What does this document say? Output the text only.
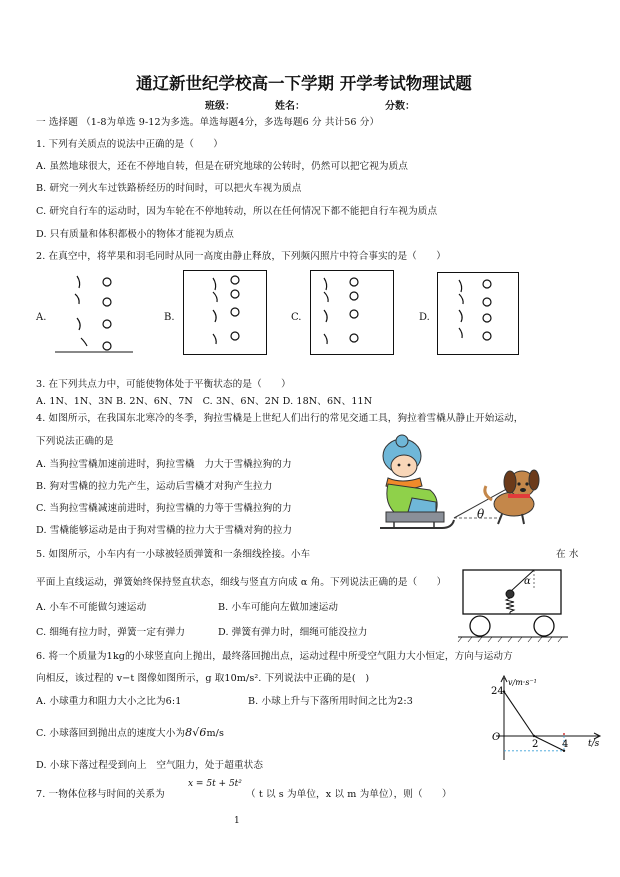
通辽新世纪学校高一下学期 开学考试物理试题
班级：	姓名：	分数：
一 选择题 （1-8为单选 9-12为多选。单选每题4分，多选每题6 分 共计56 分）
1. 下列有关质点的说法中正确的是（　　）
A. 虽然地球很大，还在不停地自转，但是在研究地球的公转时，仍然可以把它视为质点
B. 研究一列火车过铁路桥经历的时间时，可以把火车视为质点
C. 研究自行车的运动时，因为车轮在不停地转动，所以在任何情况下都不能把自行车视为质点
D. 只有质量和体积都极小的物体才能视为质点
2. 在真空中，将苹果和羽毛同时从同一高度由静止释放，下列频闪照片中符合事实的是（　　）
A.	B.	C.	D.
3. 在下列共点力中，可能使物体处于平衡状态的是（　　）
A. 1N、1N、3N B. 2N、6N、7N　C. 3N、6N、2N D. 18N、6N、11N
4. 如图所示，在我国东北寒冷的冬季，狗拉雪橇是上世纪人们出行的常见交通工具，狗拉着雪橇从静止开始运动，
下列说法正确的是
A. 当狗拉雪橇加速前进时，狗拉雪橇　力大于雪橇拉狗的力
B. 狗对雪橇的拉力先产生，运动后雪橇才对狗产生拉力
C. 当狗拉雪橇减速前进时，狗拉雪橇的力等于雪橇拉狗的力
D. 雪橇能够运动是由于狗对雪橇的拉力大于雪橇对狗的拉力
θ
5. 如图所示，小车内有一小球被轻质弹簧和一条细线拴接。小车	在 水
平面上直线运动，弹簧始终保持竖直状态，细线与竖直方向成 α 角。下列说法正确的是（　　）
A. 小车不可能做匀速运动	B. 小车可能向左做加速运动
C. 细绳有拉力时，弹簧一定有弹力	D. 弹簧有弹力时，细绳可能没拉力
α
6. 将一个质量为1kg的小球竖直向上抛出，最终落回抛出点，运动过程中所受空气阻力大小恒定，方向与运动方
向相反，该过程的 v−t 图像如图所示，g 取10m/s². 下列说法中正确的是(　)
A. 小球重力和阻力大小之比为6:1	B. 小球上升与下落所用时间之比为2:3
C. 小球落回到抛出点的速度大小为8√6m/s
D. 小球下落过程受到向上　空气阻力，处于超重状态
v/m·s⁻¹
t/s
O
24
2 4
7. 一物体位移与时间的关系为
x = 5t + 5t²
（ t 以 s 为单位，x 以 m 为单位），则（　　）
1
